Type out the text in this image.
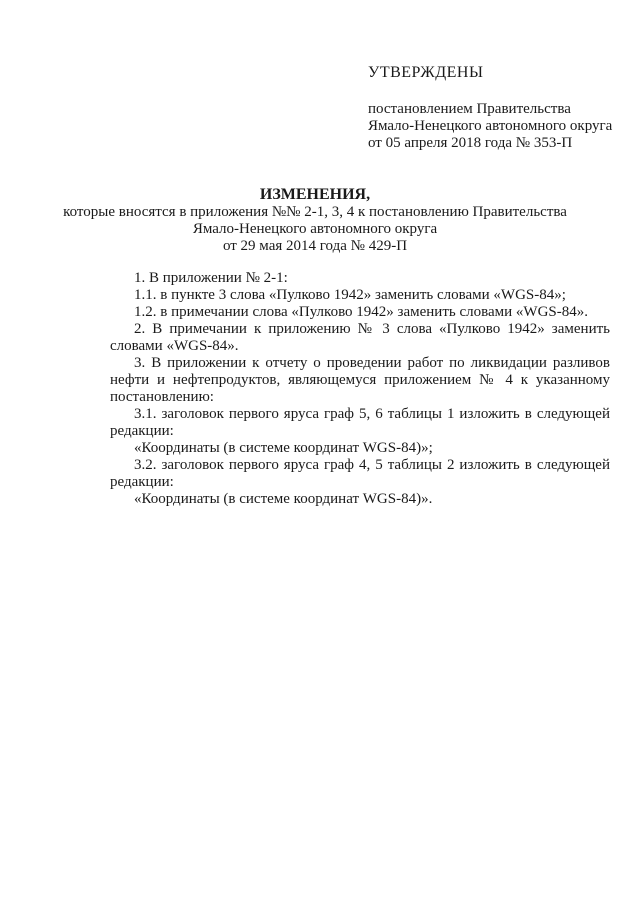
УТВЕРЖДЕНЫ
постановлением Правительства
Ямало-Ненецкого автономного округа
от 05 апреля 2018 года № 353-П
ИЗМЕНЕНИЯ,
которые вносятся в приложения №№ 2-1, 3, 4 к постановлению Правительства
Ямало-Ненецкого автономного округа
от 29 мая 2014 года № 429-П

1. В приложении № 2-1:

1.1. в пункте 3 слова «Пулково 1942» заменить словами «WGS-84»;

1.2. в примечании слова «Пулково 1942» заменить словами «WGS-84».

2. В примечании к приложению № 3 слова «Пулково 1942» заменить словами «WGS-84».

3. В приложении к отчету о проведении работ по ликвидации разливов нефти и нефтепродуктов, являющемуся приложением № 4 к указанному постановлению:

3.1. заголовок первого яруса граф 5, 6 таблицы 1 изложить в следующей редакции:

«Координаты (в системе координат WGS-84)»;

3.2. заголовок первого яруса граф 4, 5 таблицы 2 изложить в следующей редакции:

«Координаты (в системе координат WGS-84)».
